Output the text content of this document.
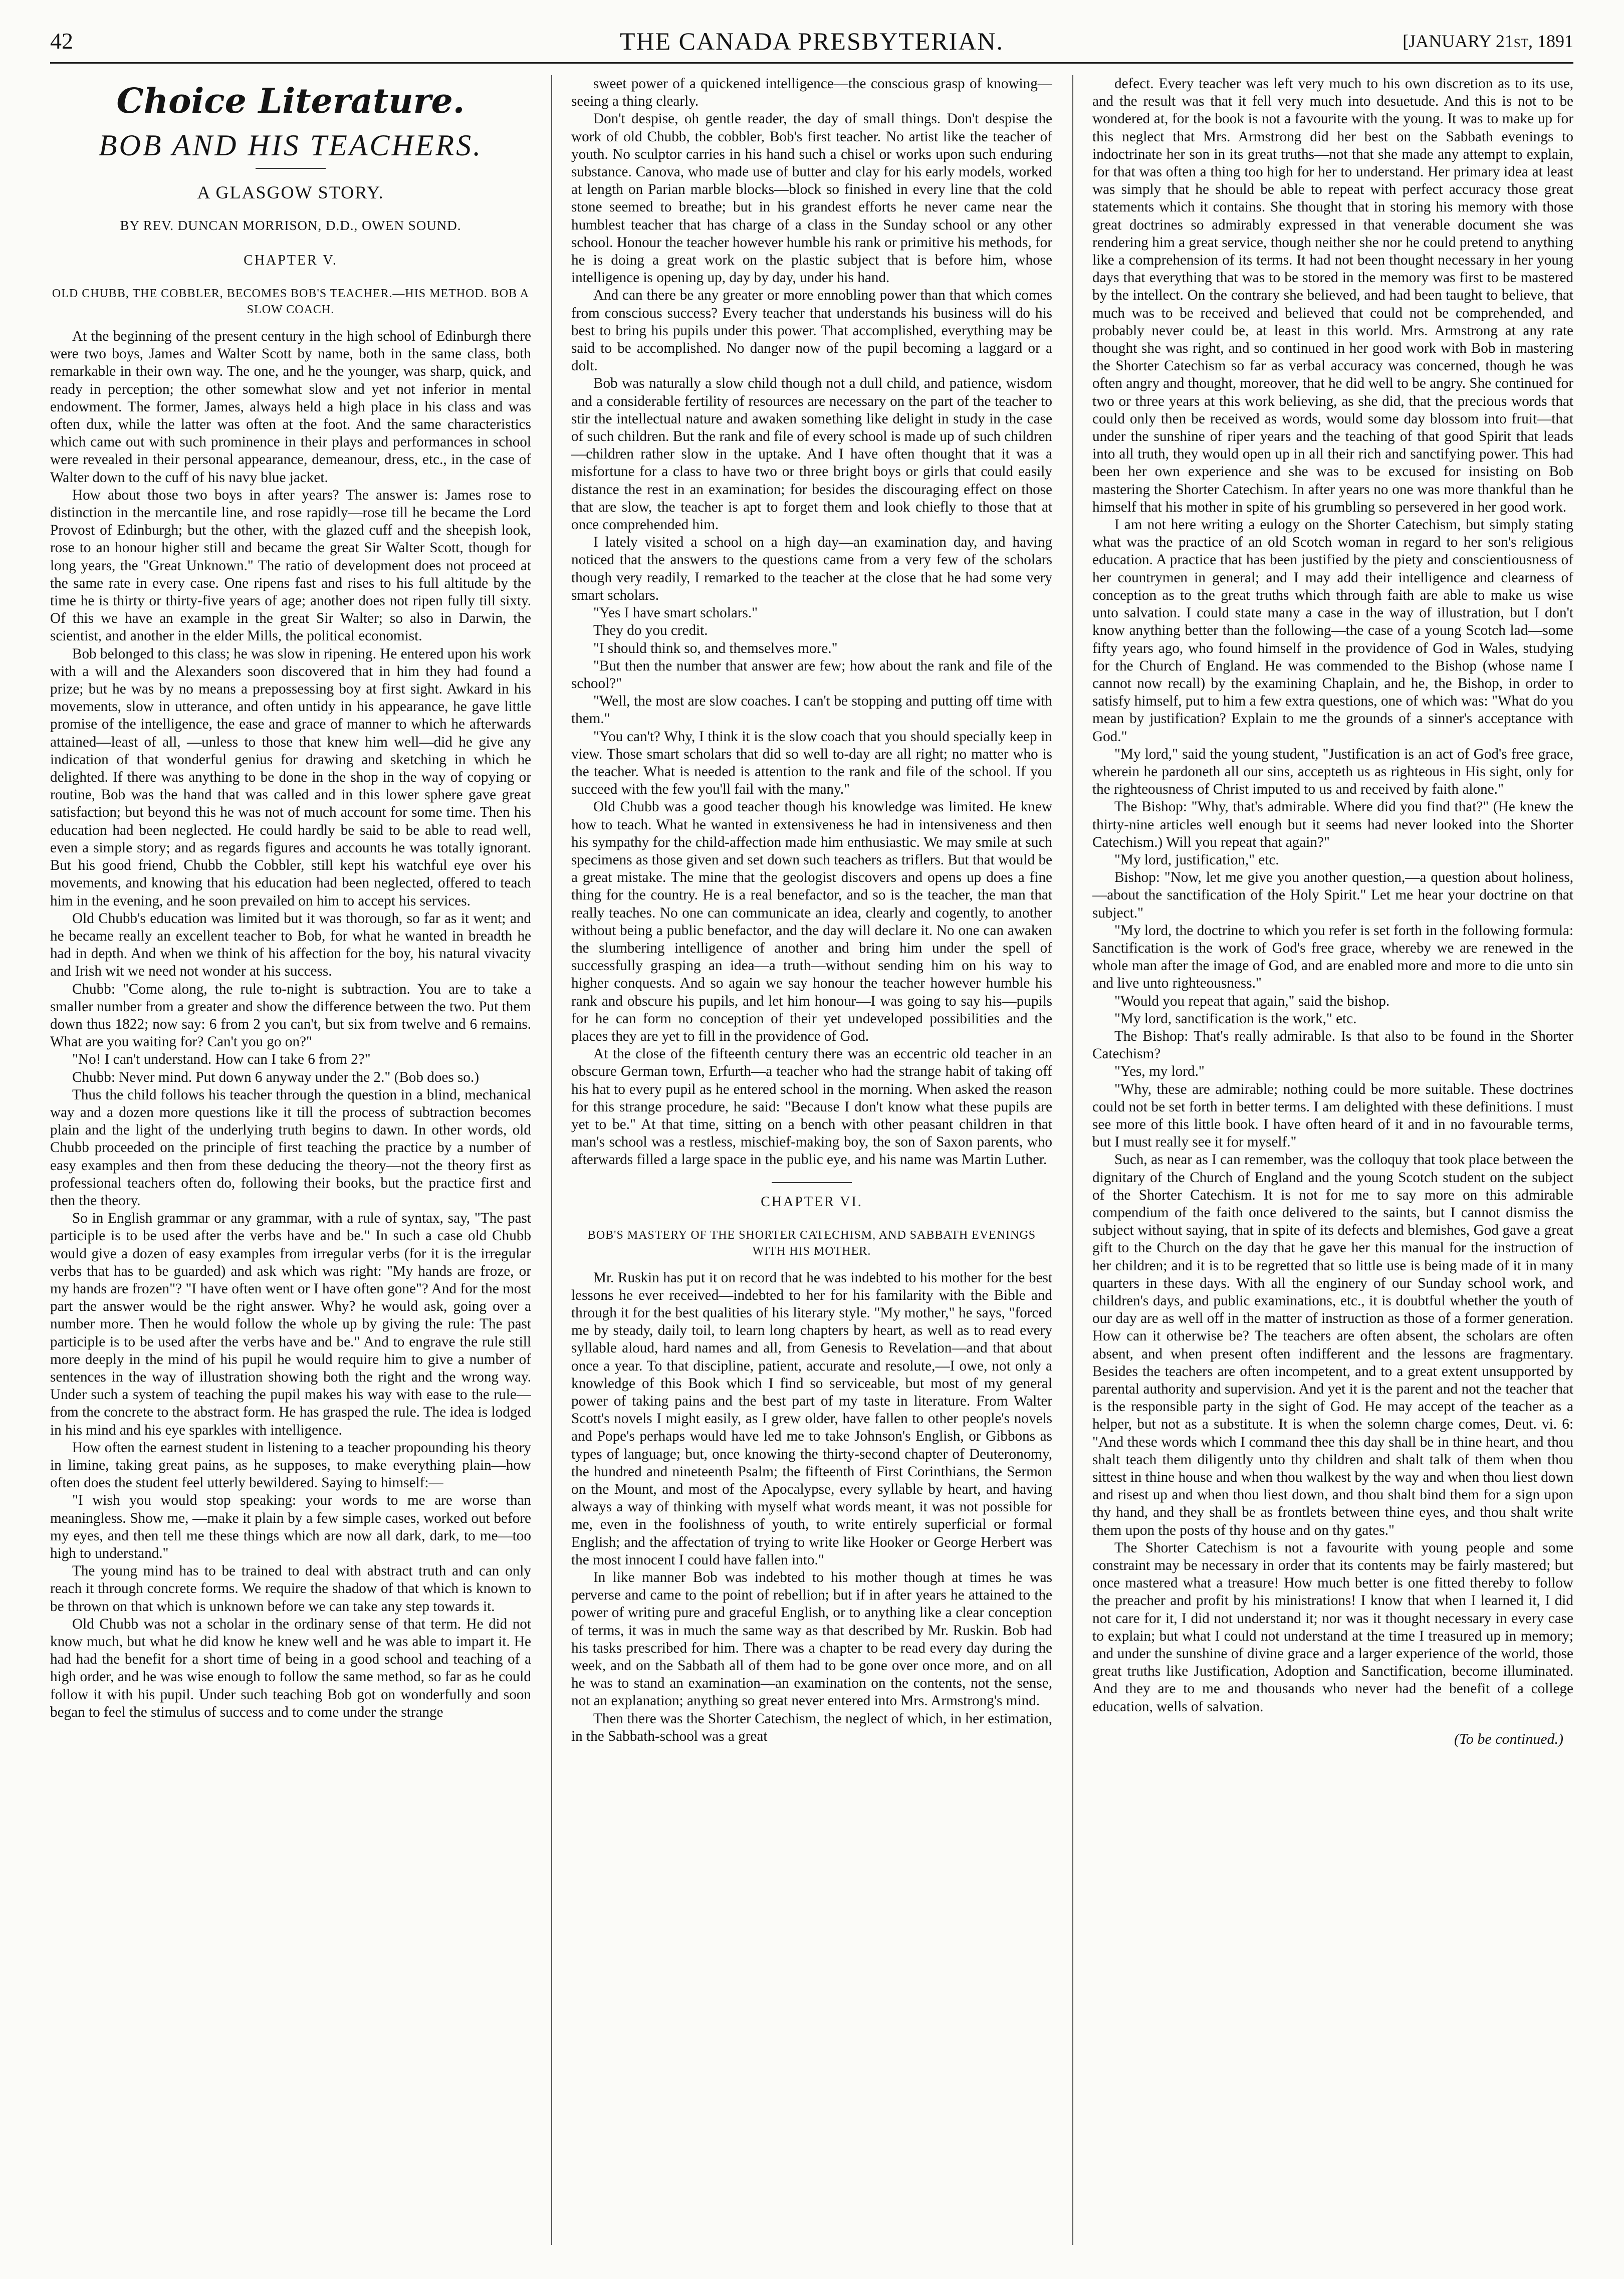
42	THE CANADA PRESBYTERIAN.	[JANUARY 21st, 1891
Choice Literature.
BOB AND HIS TEACHERS.
A GLASGOW STORY.
BY REV. DUNCAN MORRISON, D.D., OWEN SOUND.
CHAPTER V.
OLD CHUBB, THE COBBLER, BECOMES BOB'S TEACHER.—HIS METHOD. BOB A SLOW COACH.

At the beginning of the present century in the high school of Edinburgh there were two boys, James and Walter Scott by name, both in the same class, both remarkable in their own way. The one, and he the younger, was sharp, quick, and ready in perception; the other somewhat slow and yet not inferior in mental endowment. The former, James, always held a high place in his class and was often dux, while the latter was often at the foot. And the same characteristics which came out with such prominence in their plays and performances in school were revealed in their personal appearance, demeanour, dress, etc., in the case of Walter down to the cuff of his navy blue jacket.

How about those two boys in after years? The answer is: James rose to distinction in the mercantile line, and rose rapidly—rose till he became the Lord Provost of Edinburgh; but the other, with the glazed cuff and the sheepish look, rose to an honour higher still and became the great Sir Walter Scott, though for long years, the "Great Unknown." The ratio of development does not proceed at the same rate in every case. One ripens fast and rises to his full altitude by the time he is thirty or thirty-five years of age; another does not ripen fully till sixty. Of this we have an example in the great Sir Walter; so also in Darwin, the scientist, and another in the elder Mills, the political economist.

Bob belonged to this class; he was slow in ripening. He entered upon his work with a will and the Alexanders soon discovered that in him they had found a prize; but he was by no means a prepossessing boy at first sight. Awkard in his movements, slow in utterance, and often untidy in his appearance, he gave little promise of the intelligence, the ease and grace of manner to which he afterwards attained—least of all, —unless to those that knew him well—did he give any indication of that wonderful genius for drawing and sketching in which he delighted. If there was anything to be done in the shop in the way of copying or routine, Bob was the hand that was called and in this lower sphere gave great satisfaction; but beyond this he was not of much account for some time. Then his education had been neglected. He could hardly be said to be able to read well, even a simple story; and as regards figures and accounts he was totally ignorant. But his good friend, Chubb the Cobbler, still kept his watchful eye over his movements, and knowing that his education had been neglected, offered to teach him in the evening, and he soon prevailed on him to accept his services.

Old Chubb's education was limited but it was thorough, so far as it went; and he became really an excellent teacher to Bob, for what he wanted in breadth he had in depth. And when we think of his affection for the boy, his natural vivacity and Irish wit we need not wonder at his success.

Chubb: "Come along, the rule to-night is subtraction. You are to take a smaller number from a greater and show the difference between the two. Put them down thus 1822; now say: 6 from 2 you can't, but six from twelve and 6 remains. What are you waiting for? Can't you go on?"

"No! I can't understand. How can I take 6 from 2?"

Chubb: Never mind. Put down 6 anyway under the 2." (Bob does so.)

Thus the child follows his teacher through the question in a blind, mechanical way and a dozen more questions like it till the process of subtraction becomes plain and the light of the underlying truth begins to dawn. In other words, old Chubb proceeded on the principle of first teaching the practice by a number of easy examples and then from these deducing the theory—not the theory first as professional teachers often do, following their books, but the practice first and then the theory.

So in English grammar or any grammar, with a rule of syntax, say, "The past participle is to be used after the verbs have and be." In such a case old Chubb would give a dozen of easy examples from irregular verbs (for it is the irregular verbs that has to be guarded) and ask which was right: "My hands are froze, or my hands are frozen"? "I have often went or I have often gone"? And for the most part the answer would be the right answer. Why? he would ask, going over a number more. Then he would follow the whole up by giving the rule: The past participle is to be used after the verbs have and be." And to engrave the rule still more deeply in the mind of his pupil he would require him to give a number of sentences in the way of illustration showing both the right and the wrong way. Under such a system of teaching the pupil makes his way with ease to the rule—from the concrete to the abstract form. He has grasped the rule. The idea is lodged in his mind and his eye sparkles with intelligence.

How often the earnest student in listening to a teacher propounding his theory in limine, taking great pains, as he supposes, to make everything plain—how often does the student feel utterly bewildered. Saying to himself:—

"I wish you would stop speaking: your words to me are worse than meaningless. Show me, —make it plain by a few simple cases, worked out before my eyes, and then tell me these things which are now all dark, dark, to me—too high to understand."

The young mind has to be trained to deal with abstract truth and can only reach it through concrete forms. We require the shadow of that which is known to be thrown on that which is unknown before we can take any step towards it.

Old Chubb was not a scholar in the ordinary sense of that term. He did not know much, but what he did know he knew well and he was able to impart it. He had had the benefit for a short time of being in a good school and teaching of a high order, and he was wise enough to follow the same method, so far as he could follow it with his pupil. Under such teaching Bob got on wonderfully and soon began to feel the stimulus of success and to come under the strange

sweet power of a quickened intelligence—the conscious grasp of knowing—seeing a thing clearly.

Don't despise, oh gentle reader, the day of small things. Don't despise the work of old Chubb, the cobbler, Bob's first teacher. No artist like the teacher of youth. No sculptor carries in his hand such a chisel or works upon such enduring substance. Canova, who made use of butter and clay for his early models, worked at length on Parian marble blocks—block so finished in every line that the cold stone seemed to breathe; but in his grandest efforts he never came near the humblest teacher that has charge of a class in the Sunday school or any other school. Honour the teacher however humble his rank or primitive his methods, for he is doing a great work on the plastic subject that is before him, whose intelligence is opening up, day by day, under his hand.

And can there be any greater or more ennobling power than that which comes from conscious success? Every teacher that understands his business will do his best to bring his pupils under this power. That accomplished, everything may be said to be accomplished. No danger now of the pupil becoming a laggard or a dolt.

Bob was naturally a slow child though not a dull child, and patience, wisdom and a considerable fertility of resources are necessary on the part of the teacher to stir the intellectual nature and awaken something like delight in study in the case of such children. But the rank and file of every school is made up of such children—children rather slow in the uptake. And I have often thought that it was a misfortune for a class to have two or three bright boys or girls that could easily distance the rest in an examination; for besides the discouraging effect on those that are slow, the teacher is apt to forget them and look chiefly to those that at once comprehended him.

I lately visited a school on a high day—an examination day, and having noticed that the answers to the questions came from a very few of the scholars though very readily, I remarked to the teacher at the close that he had some very smart scholars.

"Yes I have smart scholars."

They do you credit.

"I should think so, and themselves more."

"But then the number that answer are few; how about the rank and file of the school?"

"Well, the most are slow coaches. I can't be stopping and putting off time with them."

"You can't? Why, I think it is the slow coach that you should specially keep in view. Those smart scholars that did so well to-day are all right; no matter who is the teacher. What is needed is attention to the rank and file of the school. If you succeed with the few you'll fail with the many."

Old Chubb was a good teacher though his knowledge was limited. He knew how to teach. What he wanted in extensiveness he had in intensiveness and then his sympathy for the child-affection made him enthusiastic. We may smile at such specimens as those given and set down such teachers as triflers. But that would be a great mistake. The mine that the geologist discovers and opens up does a fine thing for the country. He is a real benefactor, and so is the teacher, the man that really teaches. No one can communicate an idea, clearly and cogently, to another without being a public benefactor, and the day will declare it. No one can awaken the slumbering intelligence of another and bring him under the spell of successfully grasping an idea—a truth—without sending him on his way to higher conquests. And so again we say honour the teacher however humble his rank and obscure his pupils, and let him honour—I was going to say his—pupils for he can form no conception of their yet undeveloped possibilities and the places they are yet to fill in the providence of God.

At the close of the fifteenth century there was an eccentric old teacher in an obscure German town, Erfurth—a teacher who had the strange habit of taking off his hat to every pupil as he entered school in the morning. When asked the reason for this strange procedure, he said: "Because I don't know what these pupils are yet to be." At that time, sitting on a bench with other peasant children in that man's school was a restless, mischief-making boy, the son of Saxon parents, who afterwards filled a large space in the public eye, and his name was Martin Luther.

CHAPTER VI.
BOB'S MASTERY OF THE SHORTER CATECHISM, AND SABBATH EVENINGS WITH HIS MOTHER.

Mr. Ruskin has put it on record that he was indebted to his mother for the best lessons he ever received—indebted to her for his familarity with the Bible and through it for the best qualities of his literary style. "My mother," he says, "forced me by steady, daily toil, to learn long chapters by heart, as well as to read every syllable aloud, hard names and all, from Genesis to Revelation—and that about once a year. To that discipline, patient, accurate and resolute,—I owe, not only a knowledge of this Book which I find so serviceable, but most of my general power of taking pains and the best part of my taste in literature. From Walter Scott's novels I might easily, as I grew older, have fallen to other people's novels and Pope's perhaps would have led me to take Johnson's English, or Gibbons as types of language; but, once knowing the thirty-second chapter of Deuteronomy, the hundred and nineteenth Psalm; the fifteenth of First Corinthians, the Sermon on the Mount, and most of the Apocalypse, every syllable by heart, and having always a way of thinking with myself what words meant, it was not possible for me, even in the foolishness of youth, to write entirely superficial or formal English; and the affectation of trying to write like Hooker or George Herbert was the most innocent I could have fallen into."

In like manner Bob was indebted to his mother though at times he was perverse and came to the point of rebellion; but if in after years he attained to the power of writing pure and graceful English, or to anything like a clear conception of terms, it was in much the same way as that described by Mr. Ruskin. Bob had his tasks prescribed for him. There was a chapter to be read every day during the week, and on the Sabbath all of them had to be gone over once more, and on all he was to stand an examination—an examination on the contents, not the sense, not an explanation; anything so great never entered into Mrs. Armstrong's mind.

Then there was the Shorter Catechism, the neglect of which, in her estimation, in the Sabbath-school was a great

defect. Every teacher was left very much to his own discretion as to its use, and the result was that it fell very much into desuetude. And this is not to be wondered at, for the book is not a favourite with the young. It was to make up for this neglect that Mrs. Armstrong did her best on the Sabbath evenings to indoctrinate her son in its great truths—not that she made any attempt to explain, for that was often a thing too high for her to understand. Her primary idea at least was simply that he should be able to repeat with perfect accuracy those great statements which it contains. She thought that in storing his memory with those great doctrines so admirably expressed in that venerable document she was rendering him a great service, though neither she nor he could pretend to anything like a comprehension of its terms. It had not been thought necessary in her young days that everything that was to be stored in the memory was first to be mastered by the intellect. On the contrary she believed, and had been taught to believe, that much was to be received and believed that could not be comprehended, and probably never could be, at least in this world. Mrs. Armstrong at any rate thought she was right, and so continued in her good work with Bob in mastering the Shorter Catechism so far as verbal accuracy was concerned, though he was often angry and thought, moreover, that he did well to be angry. She continued for two or three years at this work believing, as she did, that the precious words that could only then be received as words, would some day blossom into fruit—that under the sunshine of riper years and the teaching of that good Spirit that leads into all truth, they would open up in all their rich and sanctifying power. This had been her own experience and she was to be excused for insisting on Bob mastering the Shorter Catechism. In after years no one was more thankful than he himself that his mother in spite of his grumbling so persevered in her good work.

I am not here writing a eulogy on the Shorter Catechism, but simply stating what was the practice of an old Scotch woman in regard to her son's religious education. A practice that has been justified by the piety and conscientiousness of her countrymen in general; and I may add their intelligence and clearness of conception as to the great truths which through faith are able to make us wise unto salvation. I could state many a case in the way of illustration, but I don't know anything better than the following—the case of a young Scotch lad—some fifty years ago, who found himself in the providence of God in Wales, studying for the Church of England. He was commended to the Bishop (whose name I cannot now recall) by the examining Chaplain, and he, the Bishop, in order to satisfy himself, put to him a few extra questions, one of which was: "What do you mean by justification? Explain to me the grounds of a sinner's acceptance with God."

"My lord," said the young student, "Justification is an act of God's free grace, wherein he pardoneth all our sins, accepteth us as righteous in His sight, only for the righteousness of Christ imputed to us and received by faith alone."

The Bishop: "Why, that's admirable. Where did you find that?" (He knew the thirty-nine articles well enough but it seems had never looked into the Shorter Catechism.) Will you repeat that again?"

"My lord, justification," etc.

Bishop: "Now, let me give you another question,—a question about holiness,—about the sanctification of the Holy Spirit." Let me hear your doctrine on that subject."

"My lord, the doctrine to which you refer is set forth in the following formula: Sanctification is the work of God's free grace, whereby we are renewed in the whole man after the image of God, and are enabled more and more to die unto sin and live unto righteousness."

"Would you repeat that again," said the bishop.

"My lord, sanctification is the work," etc.

The Bishop: That's really admirable. Is that also to be found in the Shorter Catechism?

"Yes, my lord."

"Why, these are admirable; nothing could be more suitable. These doctrines could not be set forth in better terms. I am delighted with these definitions. I must see more of this little book. I have often heard of it and in no favourable terms, but I must really see it for myself."

Such, as near as I can remember, was the colloquy that took place between the dignitary of the Church of England and the young Scotch student on the subject of the Shorter Catechism. It is not for me to say more on this admirable compendium of the faith once delivered to the saints, but I cannot dismiss the subject without saying, that in spite of its defects and blemishes, God gave a great gift to the Church on the day that he gave her this manual for the instruction of her children; and it is to be regretted that so little use is being made of it in many quarters in these days. With all the enginery of our Sunday school work, and children's days, and public examinations, etc., it is doubtful whether the youth of our day are as well off in the matter of instruction as those of a former generation. How can it otherwise be? The teachers are often absent, the scholars are often absent, and when present often indifferent and the lessons are fragmentary. Besides the teachers are often incompetent, and to a great extent unsupported by parental authority and supervision. And yet it is the parent and not the teacher that is the responsible party in the sight of God. He may accept of the teacher as a helper, but not as a substitute. It is when the solemn charge comes, Deut. vi. 6: "And these words which I command thee this day shall be in thine heart, and thou shalt teach them diligently unto thy children and shalt talk of them when thou sittest in thine house and when thou walkest by the way and when thou liest down and risest up and when thou liest down, and thou shalt bind them for a sign upon thy hand, and they shall be as frontlets between thine eyes, and thou shalt write them upon the posts of thy house and on thy gates."

The Shorter Catechism is not a favourite with young people and some constraint may be necessary in order that its contents may be fairly mastered; but once mastered what a treasure! How much better is one fitted thereby to follow the preacher and profit by his ministrations! I know that when I learned it, I did not care for it, I did not understand it; nor was it thought necessary in every case to explain; but what I could not understand at the time I treasured up in memory; and under the sunshine of divine grace and a larger experience of the world, those great truths like Justification, Adoption and Sanctification, become illuminated. And they are to me and thousands who never had the benefit of a college education, wells of salvation.

(To be continued.)
